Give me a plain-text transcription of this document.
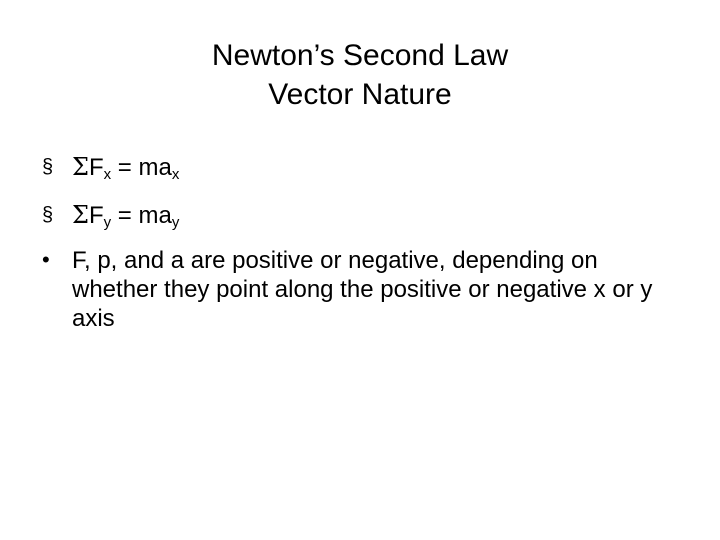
Newton’s Second Law
Vector Nature
§ $\Sigma F_x = ma_x$
§ $\Sigma F_y = ma_y$
• F, p, and a are positive or negative, depending on whether they point along the positive or negative x or y axis
